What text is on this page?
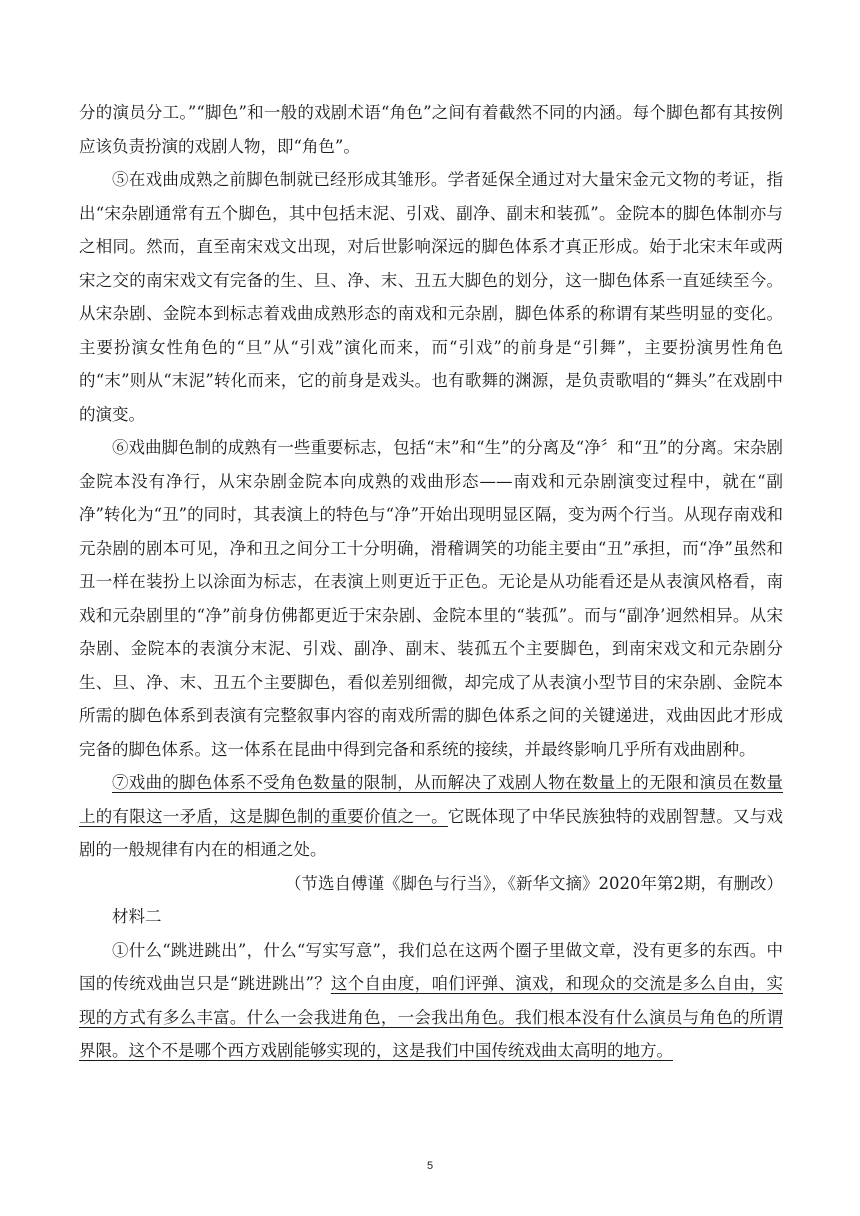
分的演员分工。”“脚色”和一般的戏剧术语“角色”之间有着截然不同的内涵。每个脚色都有其按例应该负责扮演的戏剧人物，即“角色”。

⑤在戏曲成熟之前脚色制就已经形成其雏形。学者延保全通过对大量宋金元文物的考证，指出“宋杂剧通常有五个脚色，其中包括末泥、引戏、副净、副末和装孤”。金院本的脚色体制亦与之相同。然而，直至南宋戏文出现，对后世影响深远的脚色体系才真正形成。始于北宋末年或两宋之交的南宋戏文有完备的生、旦、净、末、丑五大脚色的划分，这一脚色体系一直延续至今。从宋杂剧、金院本到标志着戏曲成熟形态的南戏和元杂剧，脚色体系的称谓有某些明显的变化。主要扮演女性角色的“旦”从“引戏”演化而来，而“引戏”的前身是“引舞”，主要扮演男性角色的“末”则从“末泥”转化而来，它的前身是戏头。也有歌舞的渊源，是负责歌唱的“舞头”在戏剧中的演变。

⑥戏曲脚色制的成熟有一些重要标志，包括“末”和“生”的分离及“净〞和“丑”的分离。宋杂剧金院本没有净行，从宋杂剧金院本向成熟的戏曲形态——南戏和元杂剧演变过程中，就在“副净”转化为“丑”的同时，其表演上的特色与“净”开始出现明显区隔，变为两个行当。从现存南戏和元杂剧的剧本可见，净和丑之间分工十分明确，滑稽调笑的功能主要由“丑”承担，而“净”虽然和丑一样在装扮上以涂面为标志，在表演上则更近于正色。无论是从功能看还是从表演风格看，南戏和元杂剧里的“净”前身仿佛都更近于宋杂剧、金院本里的“装孤”。而与“副净’迥然相异。从宋杂剧、金院本的表演分末泥、引戏、副净、副末、装孤五个主要脚色，到南宋戏文和元杂剧分生、旦、净、末、丑五个主要脚色，看似差别细微，却完成了从表演小型节目的宋杂剧、金院本所需的脚色体系到表演有完整叙事内容的南戏所需的脚色体系之间的关键递进，戏曲因此才形成完备的脚色体系。这一体系在昆曲中得到完备和系统的接续，并最终影响几乎所有戏曲剧种。

⑦戏曲的脚色体系不受角色数量的限制，从而解决了戏剧人物在数量上的无限和演员在数量上的有限这一矛盾，这是脚色制的重要价值之一。它既体现了中华民族独特的戏剧智慧。又与戏剧的一般规律有内在的相通之处。

（节选自傅谨《脚色与行当》，《新华文摘》2020年第2期，有删改）

材料二

①什么“跳进跳出”，什么“写实写意”，我们总在这两个圈子里做文章，没有更多的东西。中国的传统戏曲岂只是“跳进跳出”？这个自由度，咱们评弹、演戏，和现众的交流是多么自由，实现的方式有多么丰富。什么一会我进角色，一会我出角色。我们根本没有什么演员与角色的所谓界限。这个不是哪个西方戏剧能够实现的，这是我们中国传统戏曲太高明的地方。

5
